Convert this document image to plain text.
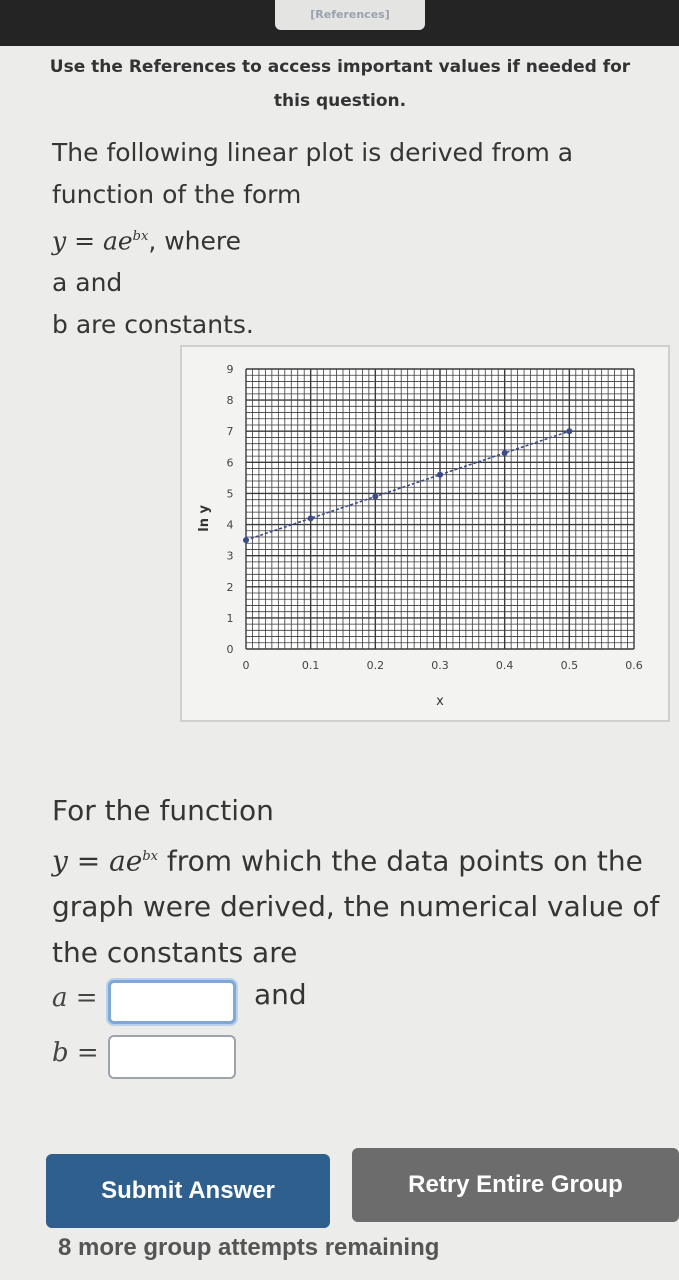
[References]
Use the References to access important values if needed for this question.
The following linear plot is derived from a function of the form
$y = ae^{bx}$, where
a and
b are constants.
0	0.1	0.2	0.3	0.4	0.5	0.6
0
1
2
3
4
5
6
7
8
9
x
ln y
For the function
$y = ae^{bx}$ from which the data points on the graph were derived, the numerical value of the constants are
a =	and
b =
Submit Answer	Retry Entire Group
8 more group attempts remaining
